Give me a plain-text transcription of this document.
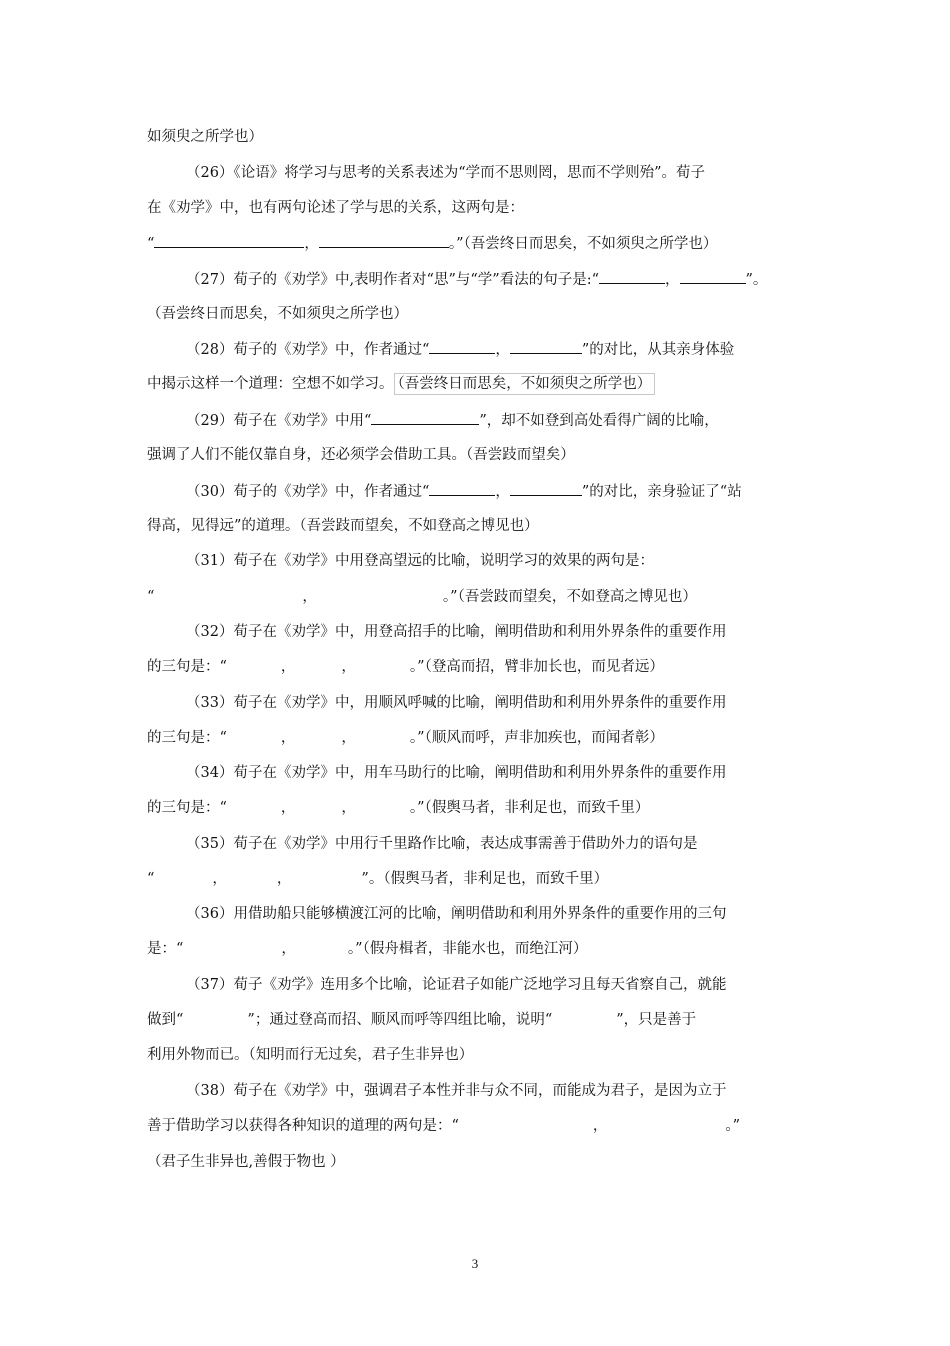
如须臾之所学也）
（26）《论语》将学习与思考的关系表述为“学而不思则罔，思而不学则殆”。荀子
在《劝学》中，也有两句论述了学与思的关系，这两句是：
“	，	。”（吾尝终日而思矣，不如须臾之所学也）
（27）荀子的《劝学》中,表明作者对“思”与“学”看法的句子是:“	，	”。
（吾尝终日而思矣，不如须臾之所学也）
（28）荀子的《劝学》中，作者通过“	，	”的对比，从其亲身体验
中揭示这样一个道理：空想不如学习。 （吾尝终日而思矣，不如须臾之所学也）
（29）荀子在《劝学》中用“	”，却不如登到高处看得广阔的比喻，
强调了人们不能仅靠自身，还必须学会借助工具。（吾尝跂而望矣）
（30）荀子的《劝学》中，作者通过“	，	”的对比，亲身验证了“站
得高，见得远”的道理。（吾尝跂而望矣，不如登高之博见也）
（31）荀子在《劝学》中用登高望远的比喻，说明学习的效果的两句是：
“	，	。”（吾尝跂而望矣，不如登高之博见也）
（32）荀子在《劝学》中，用登高招手的比喻，阐明借助和利用外界条件的重要作用
的三句是：“	，	，	。”（登高而招，臂非加长也，而见者远）
（33）荀子在《劝学》中，用顺风呼喊的比喻，阐明借助和利用外界条件的重要作用
的三句是：“	，	，	。”（顺风而呼，声非加疾也，而闻者彰）
（34）荀子在《劝学》中，用车马助行的比喻，阐明借助和利用外界条件的重要作用
的三句是：“	，	，	。”（假舆马者，非利足也，而致千里）
（35）荀子在《劝学》中用行千里路作比喻，表达成事需善于借助外力的语句是
“	，	，	”。（假舆马者，非利足也，而致千里）
（36）用借助船只能够横渡江河的比喻，阐明借助和利用外界条件的重要作用的三句
是：“	，	。”（假舟楫者，非能水也，而绝江河）
（37）荀子《劝学》连用多个比喻，论证君子如能广泛地学习且每天省察自己，就能
做到“	”；通过登高而招、顺风而呼等四组比喻，说明“	”，只是善于
利用外物而已。（知明而行无过矣，君子生非异也）
（38）荀子在《劝学》中，强调君子本性并非与众不同，而能成为君子，是因为立于
善于借助学习以获得各种知识的道理的两句是：“	，	。”
（君子生非异也,善假于物也 ）
3
